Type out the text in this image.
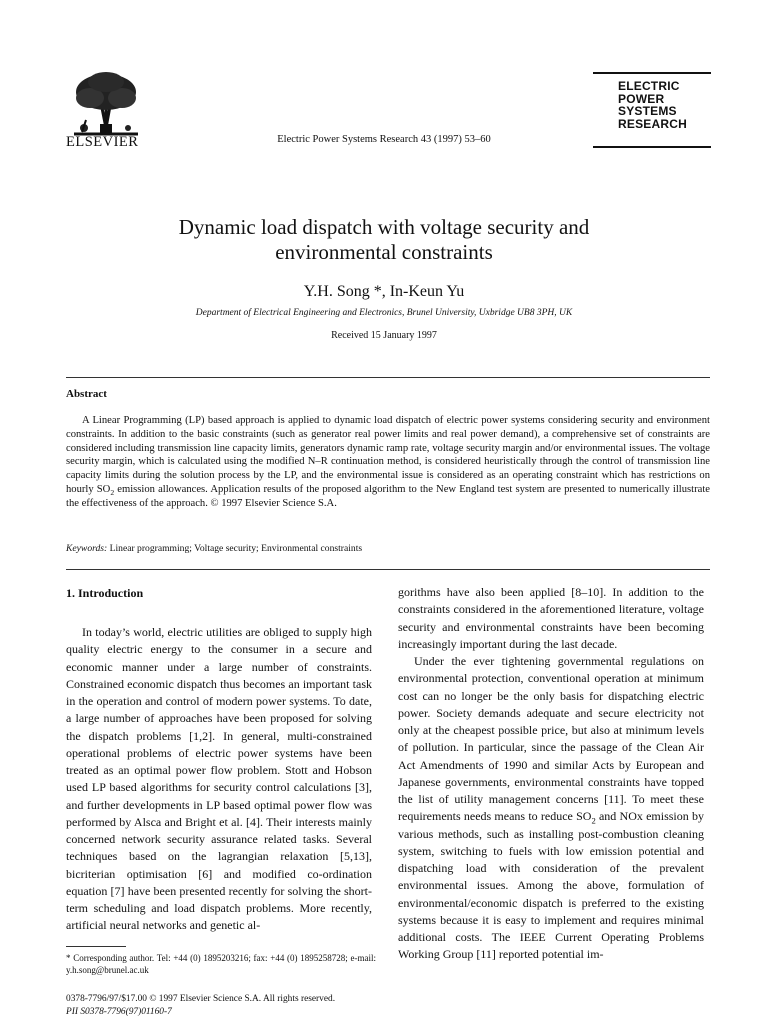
ELSEVIER	Electric Power Systems Research 43 (1997) 53–60
ELECTRIC
POWER
SYSTEMS
RESEARCH
Dynamic load dispatch with voltage security and
environmental constraints
Y.H. Song *, In-Keun Yu
Department of Electrical Engineering and Electronics, Brunel University, Uxbridge UB8 3PH, UK
Received 15 January 1997
Abstract

A Linear Programming (LP) based approach is applied to dynamic load dispatch of electric power systems considering security and environment constraints. In addition to the basic constraints (such as generator real power limits and real power demand), a comprehensive set of constraints are considered including transmission line capacity limits, generators dynamic ramp rate, voltage security margin and/or environmental issues. The voltage security margin, which is calculated using the modified N–R continuation method, is considered heuristically through the control of transmission line capacity limits during the solution process by the LP, and the environmental issue is considered as an operating constraint which has restrictions on hourly $SO_2$ emission allowances. Application results of the proposed algorithm to the New England test system are presented to numerically illustrate the effectiveness of the approach. © 1997 Elsevier Science S.A.

Keywords: Linear programming; Voltage security; Environmental constraints
1. Introduction

In today’s world, electric utilities are obliged to supply high quality electric energy to the consumer in a secure and economic manner under a large number of constraints. Constrained economic dispatch thus becomes an important task in the operation and control of modern power systems. To date, a large number of approaches have been proposed for solving the dispatch problems [1,2]. In general, multi-constrained operational problems of electric power systems have been treated as an optimal power flow problem. Stott and Hobson used LP based algorithms for security control calculations [3], and further developments in LP based optimal power flow was performed by Alsca and Bright et al. [4]. Their interests mainly concerned network security assurance related tasks. Several techniques based on the lagrangian relaxation [5,13], bicriterian optimisation [6] and modified co-ordination equation [7] have been presented recently for solving the short-term scheduling and load dispatch problems. More recently, artificial neural networks and genetic al-

gorithms have also been applied [8–10]. In addition to the constraints considered in the aforementioned literature, voltage security and environmental constraints have been becoming increasingly important during the last decade.

Under the ever tightening governmental regulations on environmental protection, conventional operation at minimum cost can no longer be the only basis for dispatching electric power. Society demands adequate and secure electricity not only at the cheapest possible price, but also at minimum levels of pollution. In particular, since the passage of the Clean Air Act Amendments of 1990 and similar Acts by European and Japanese governments, environmental constraints have topped the list of utility management concerns [11]. To meet these requirements needs means to reduce $SO_2$ and NOx emission by various methods, such as installing post-combustion cleaning system, switching to fuels with low emission potential and dispatching load with consideration of the prevalent environmental issues. Among the above, formulation of environmental/economic dispatch is preferred to the existing systems because it is easy to implement and requires minimal additional costs. The IEEE Current Operating Problems Working Group [11] reported potential im-

* Corresponding author. Tel: +44 (0) 1895203216; fax: +44 (0) 1895258728; e-mail: y.h.song@brunel.ac.uk
0378-7796/97/$17.00 © 1997 Elsevier Science S.A. All rights reserved.
PII S0378-7796(97)01160-7
